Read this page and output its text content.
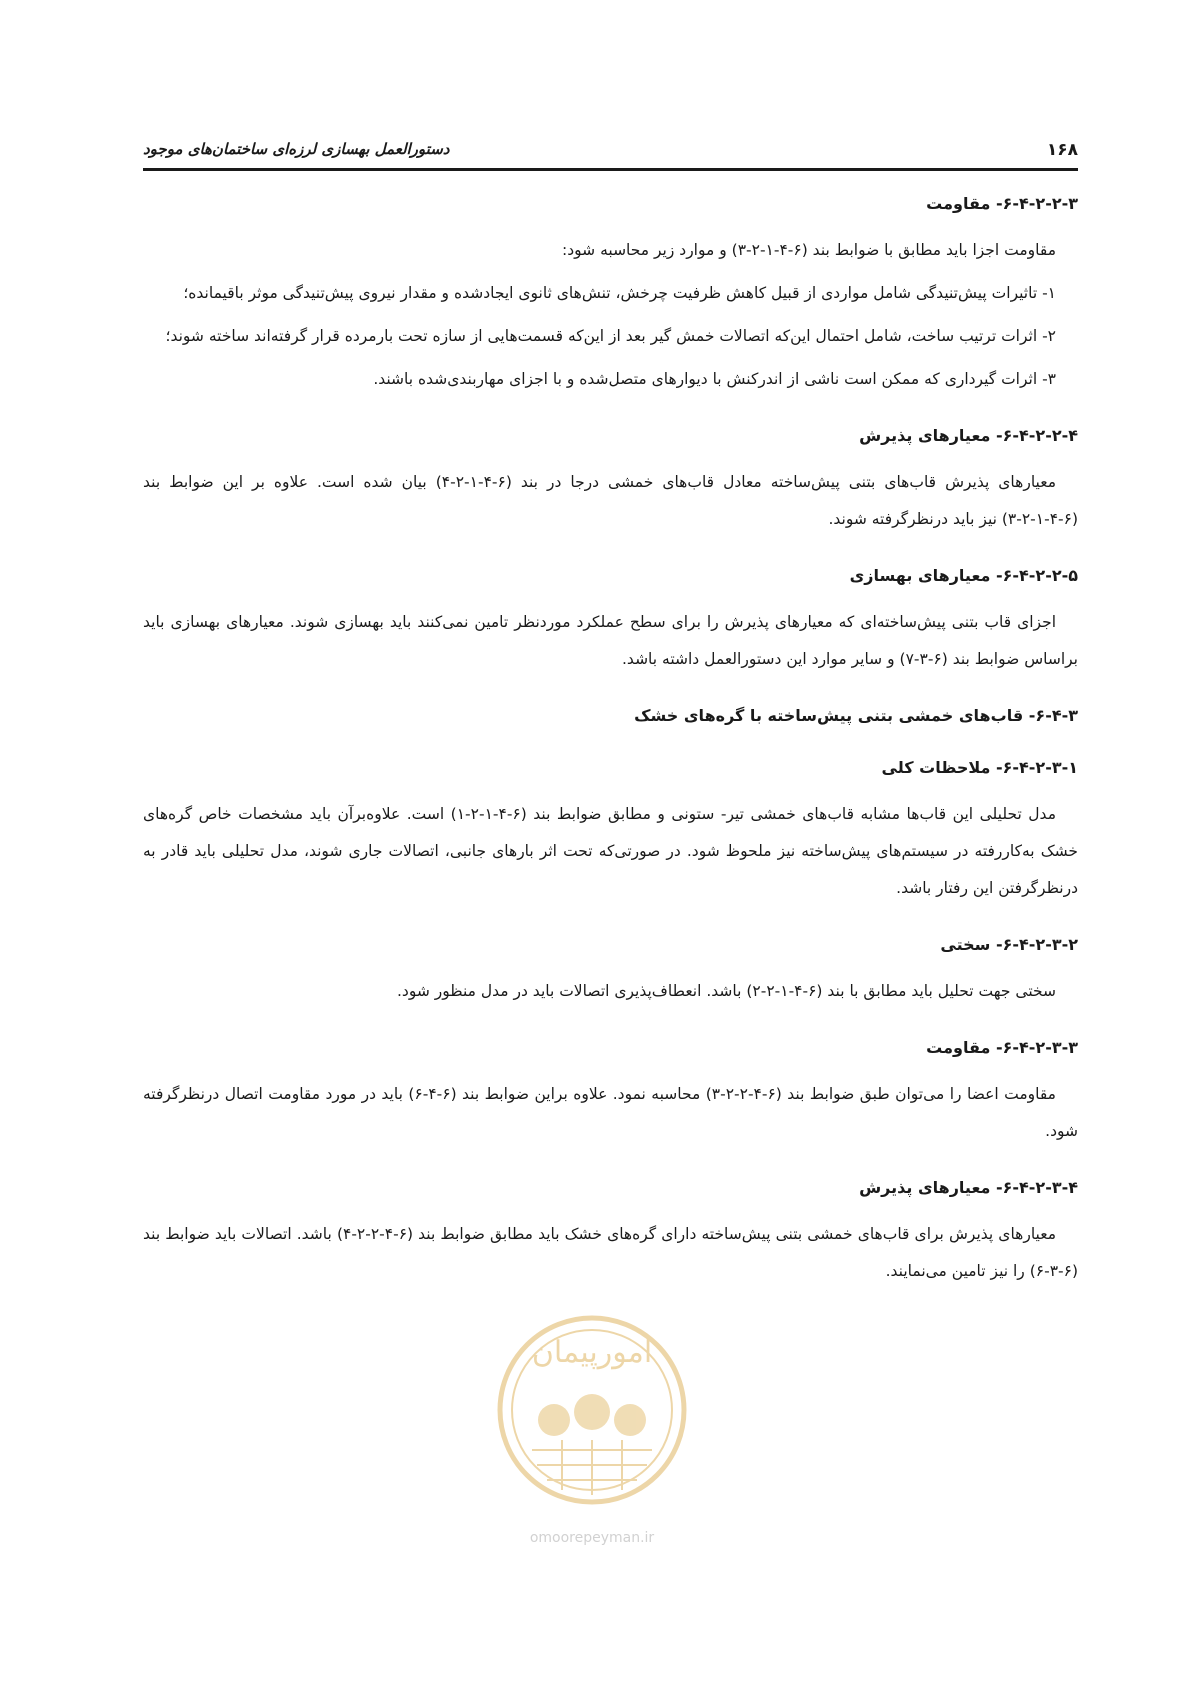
۱۶۸
دستورالعمل بهسازی لرزه‌ای ساختمان‌های موجود
۶-۴-۲-۲-۳- مقاومت

مقاومت اجزا باید مطابق با ضوابط بند (۶-۴-۱-۲-۳) و موارد زیر محاسبه شود:

۱- تاثیرات پیش‌تنیدگی شامل مواردی از قبیل کاهش ظرفیت چرخش، تنش‌های ثانوی ایجادشده و مقدار نیروی پیش‌تنیدگی موثر باقیمانده؛

۲- اثرات ترتیب ساخت، شامل احتمال این‌که اتصالات خمش گیر بعد از این‌که قسمت‌هایی از سازه تحت بارمرده قرار گرفته‌اند ساخته شوند؛

۳- اثرات گیرداری که ممکن است ناشی از اندرکنش با دیوارهای متصل‌شده و با اجزای مهاربندی‌شده باشند.

۶-۴-۲-۲-۴- معیارهای پذیرش

معیارهای پذیرش قاب‌های بتنی پیش‌ساخته معادل قاب‌های خمشی درجا در بند (۶-۴-۱-۲-۴) بیان شده است. علاوه بر این ضوابط بند (۶-۴-۱-۲-۳) نیز باید درنظرگرفته شوند.

۶-۴-۲-۲-۵- معیارهای بهسازی

اجزای قاب بتنی پیش‌ساخته‌ای که معیارهای پذیرش را برای سطح عملکرد موردنظر تامین نمی‌کنند باید بهسازی شوند. معیارهای بهسازی باید براساس ضوابط بند (۶-۳-۷) و سایر موارد این دستورالعمل داشته باشد.

۶-۴-۳- قاب‌های خمشی بتنی پیش‌ساخته با گره‌های خشک
۶-۴-۲-۳-۱- ملاحظات کلی

مدل تحلیلی این قاب‌ها مشابه قاب‌های خمشی تیر- ستونی و مطابق ضوابط بند (۶-۴-۱-۲-۱) است. علاوه‌برآن باید مشخصات خاص گره‌های خشک به‌کاررفته در سیستم‌های پیش‌ساخته نیز ملحوظ شود. در صورتی‌که تحت اثر بارهای جانبی، اتصالات جاری شوند، مدل تحلیلی باید قادر به درنظرگرفتن این رفتار باشد.

۶-۴-۲-۳-۲- سختی

سختی جهت تحلیل باید مطابق با بند (۶-۴-۱-۲-۲) باشد. انعطاف‌پذیری اتصالات باید در مدل منظور شود.

۶-۴-۲-۳-۳- مقاومت

مقاومت اعضا را می‌توان طبق ضوابط بند (۶-۴-۲-۲-۳) محاسبه نمود. علاوه براین ضوابط بند (۶-۴-۶) باید در مورد مقاومت اتصال درنظرگرفته شود.

۶-۴-۲-۳-۴- معیارهای پذیرش

معیارهای پذیرش برای قاب‌های خمشی بتنی پیش‌ساخته دارای گره‌های خشک باید مطابق ضوابط بند (۶-۴-۲-۲-۴) باشد. اتصالات باید ضوابط بند (۶-۳-۶) را نیز تامین می‌نمایند.

امورپیمان
omoorepeyman.ir
